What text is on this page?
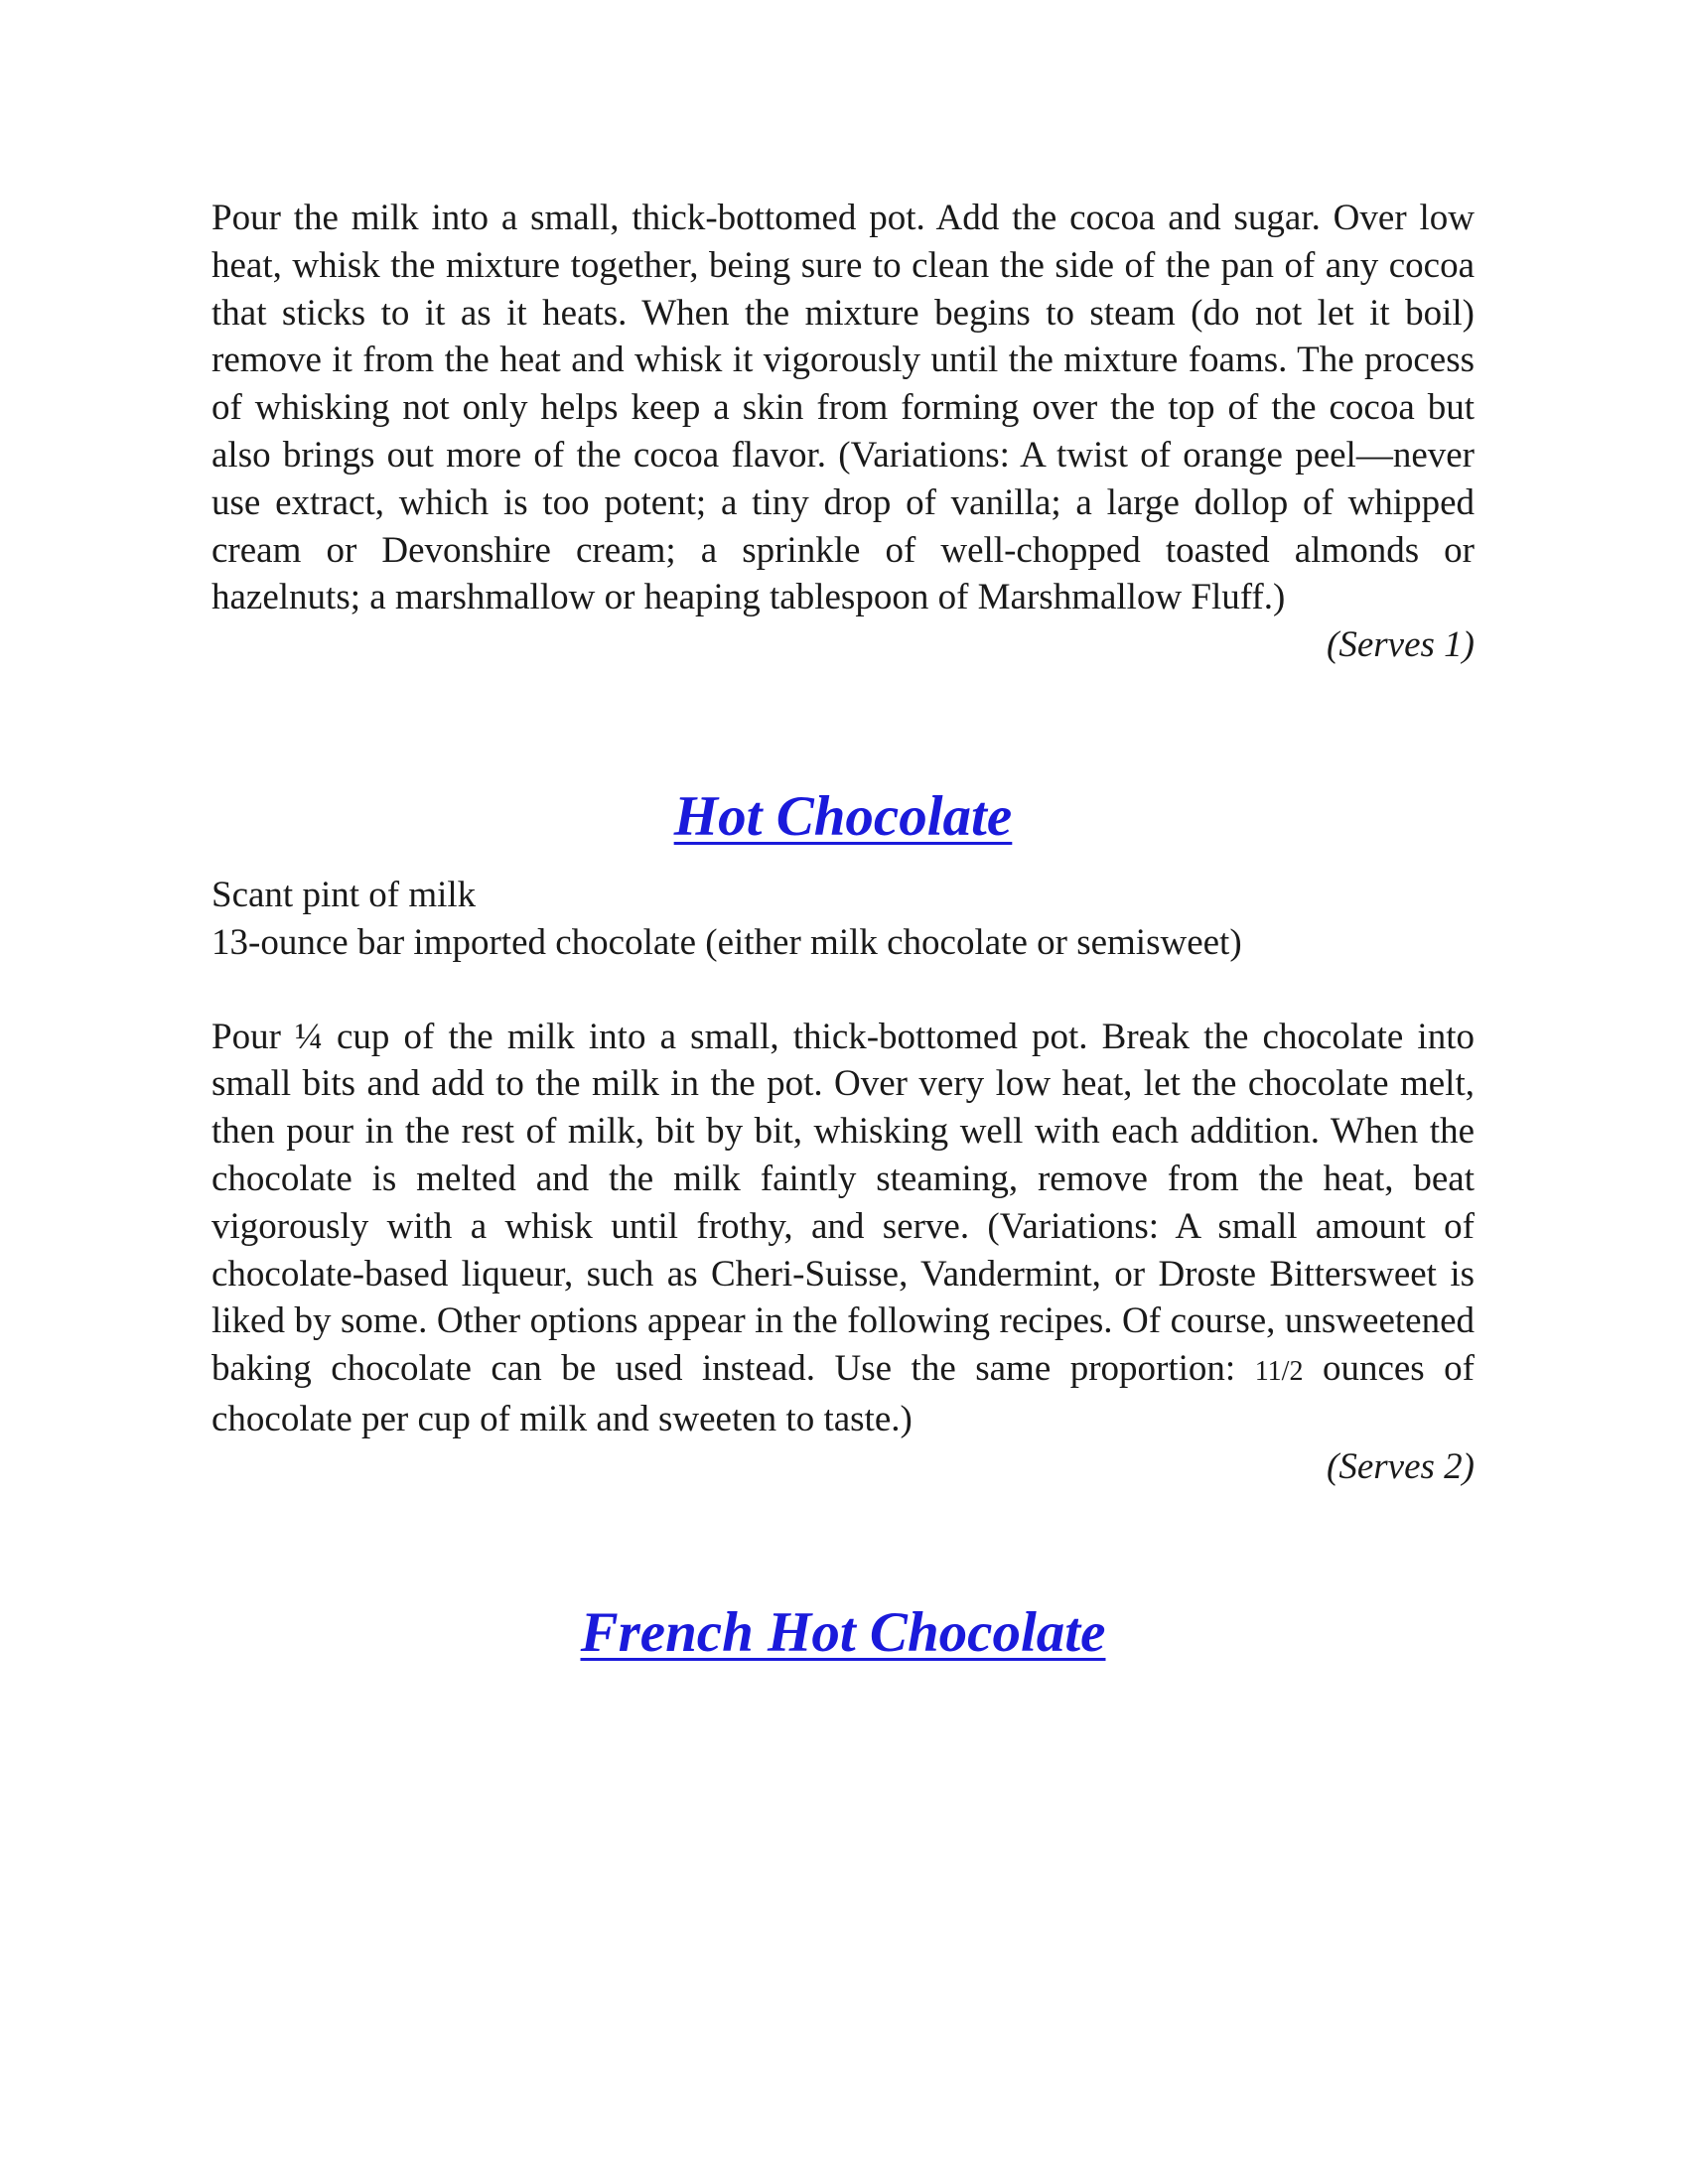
Pour the milk into a small, thick-bottomed pot. Add the cocoa and sugar. Over low heat, whisk the mixture together, being sure to clean the side of the pan of any cocoa that sticks to it as it heats. When the mixture begins to steam (do not let it boil) remove it from the heat and whisk it vigorously until the mixture foams. The process of whisking not only helps keep a skin from forming over the top of the cocoa but also brings out more of the cocoa flavor. (Variations: A twist of orange peel—never use extract, which is too potent; a tiny drop of vanilla; a large dollop of whipped cream or Devonshire cream; a sprinkle of well-chopped toasted almonds or hazelnuts; a marshmallow or heaping tablespoon of Marshmallow Fluff.)

(Serves 1)

Hot Chocolate
Scant pint of milk
13-ounce bar imported chocolate (either milk chocolate or semisweet)

Pour ¼ cup of the milk into a small, thick-bottomed pot. Break the chocolate into small bits and add to the milk in the pot. Over very low heat, let the chocolate melt, then pour in the rest of milk, bit by bit, whisking well with each addition. When the chocolate is melted and the milk faintly steaming, remove from the heat, beat vigorously with a whisk until frothy, and serve. (Variations: A small amount of chocolate-based liqueur, such as Cheri-Suisse, Vandermint, or Droste Bittersweet is liked by some. Other options appear in the following recipes. Of course, unsweetened baking chocolate can be used instead. Use the same proportion: 11/2 ounces of chocolate per cup of milk and sweeten to taste.)

(Serves 2)

French Hot Chocolate
